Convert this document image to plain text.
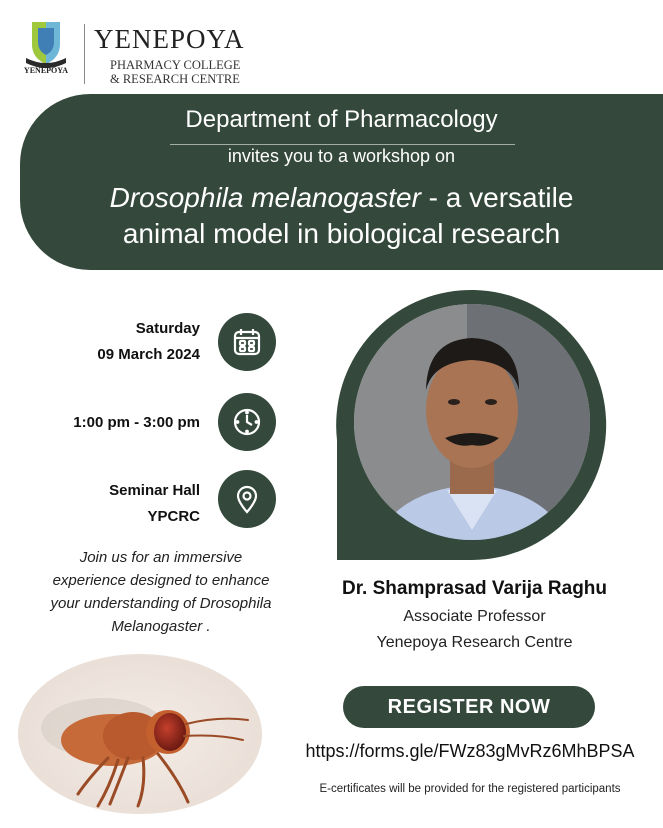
YENEPOYA
YENEPOYA
PHARMACY COLLEGE
& RESEARCH CENTRE
Department of Pharmacology
invites you to a workshop on
Drosophila melanogaster - a versatile
animal model in biological research
Saturday
09 March 2024
1:00 pm - 3:00 pm
Seminar Hall
YPCRC
Join us for an immersive
experience designed to enhance
your understanding of Drosophila
Melanogaster .
Dr. Shamprasad Varija Raghu
Associate Professor
Yenepoya Research Centre
REGISTER NOW
https://forms.gle/FWz83gMvRz6MhBPSA
E-certificates will be provided for the registered participants
